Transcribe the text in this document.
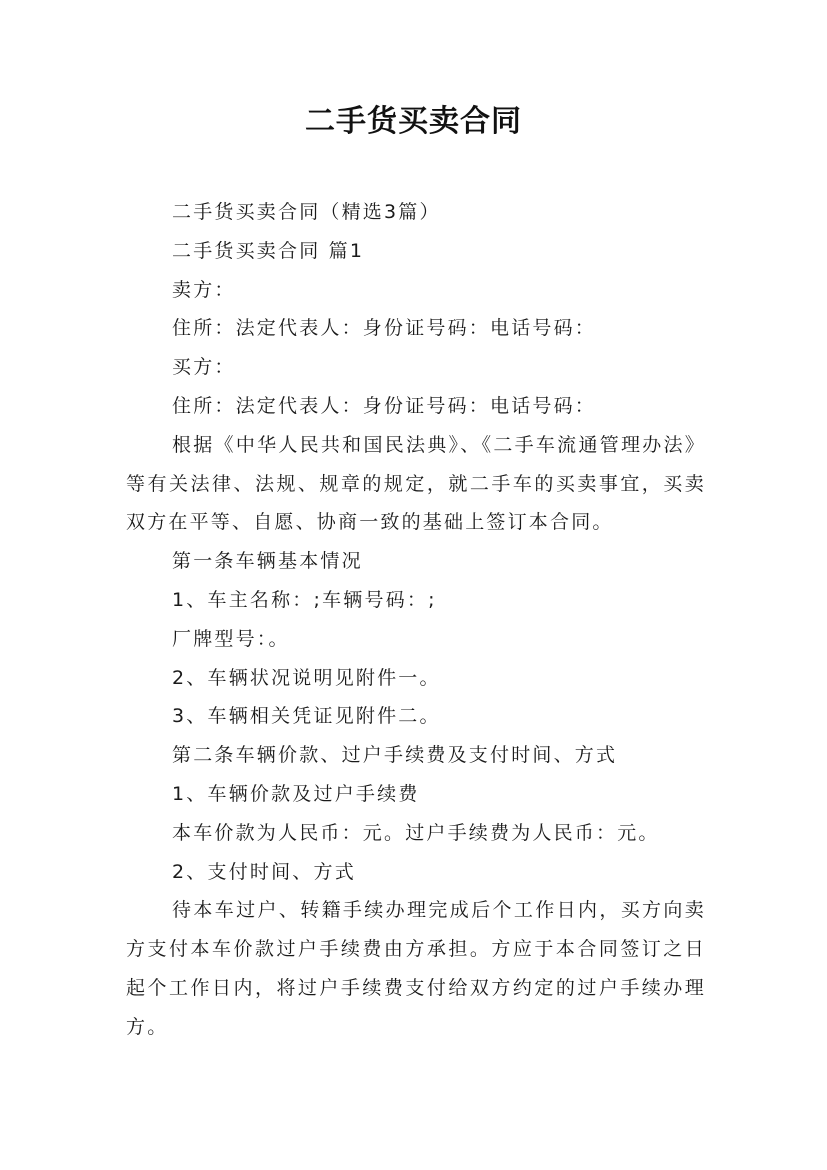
二手货买卖合同
二手货买卖合同（精选3篇）
二手货买卖合同 篇1
卖方：
住所：法定代表人：身份证号码：电话号码：
买方：
住所：法定代表人：身份证号码：电话号码：
根据《中华人民共和国民法典》、《二手车流通管理办法》等有关法律、法规、规章的规定，就二手车的买卖事宜，买卖双方在平等、自愿、协商一致的基础上签订本合同。
第一条车辆基本情况
1、车主名称：;车辆号码：;
厂牌型号：。
2、车辆状况说明见附件一。
3、车辆相关凭证见附件二。
第二条车辆价款、过户手续费及支付时间、方式
1、车辆价款及过户手续费
本车价款为人民币：元。过户手续费为人民币：元。
2、支付时间、方式
待本车过户、转籍手续办理完成后个工作日内，买方向卖方支付本车价款过户手续费由方承担。方应于本合同签订之日起个工作日内，将过户手续费支付给双方约定的过户手续办理方。
